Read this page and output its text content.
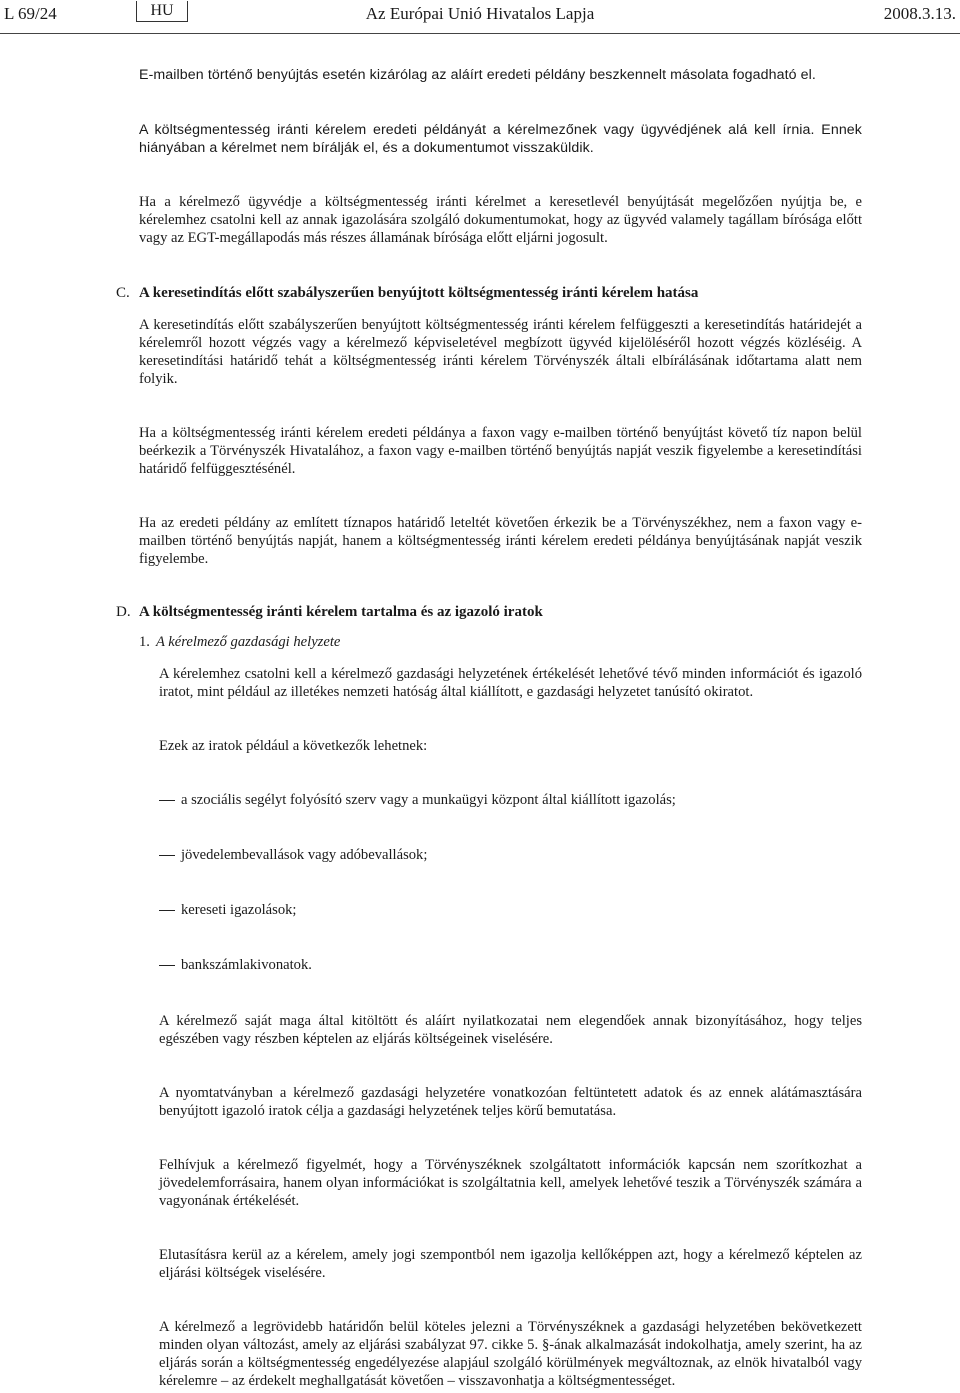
L 69/24	HU	Az Európai Unió Hivatalos Lapja	2008.3.13.

E-mailben történő benyújtás esetén kizárólag az aláírt eredeti példány beszkennelt másolata fogadható el.

A költségmentesség iránti kérelem eredeti példányát a kérelmezőnek vagy ügyvédjének alá kell írnia. Ennek hiányában a kérelmet nem bírálják el, és a dokumentumot visszaküldik.

Ha a kérelmező ügyvédje a költségmentesség iránti kérelmet a keresetlevél benyújtását megelőzően nyújtja be, e kérelemhez csatolni kell az annak igazolására szolgáló dokumentumokat, hogy az ügyvéd valamely tagállam bírósága előtt vagy az EGT-megállapodás más részes államának bírósága előtt eljárni jogosult.

C. A keresetindítás előtt szabályszerűen benyújtott költségmentesség iránti kérelem hatása

A keresetindítás előtt szabályszerűen benyújtott költségmentesség iránti kérelem felfüggeszti a keresetindítás határidejét a kérelemről hozott végzés vagy a kérelmező képviseletével megbízott ügyvéd kijelöléséről hozott végzés közléséig. A keresetindítási határidő tehát a költségmentesség iránti kérelem Törvényszék általi elbírálásának időtartama alatt nem folyik.

Ha a költségmentesség iránti kérelem eredeti példánya a faxon vagy e-mailben történő benyújtást követő tíz napon belül beérkezik a Törvényszék Hivatalához, a faxon vagy e-mailben történő benyújtás napját veszik figyelembe a keresetindítási határidő felfüggesztésénél.

Ha az eredeti példány az említett tíznapos határidő leteltét követően érkezik be a Törvényszékhez, nem a faxon vagy e-mailben történő benyújtás napját, hanem a költségmentesség iránti kérelem eredeti példánya benyújtásának napját veszik figyelembe.

D. A költségmentesség iránti kérelem tartalma és az igazoló iratok

1. A kérelmező gazdasági helyzete

A kérelemhez csatolni kell a kérelmező gazdasági helyzetének értékelését lehetővé tévő minden információt és igazoló iratot, mint például az illetékes nemzeti hatóság által kiállított, e gazdasági helyzetet tanúsító okiratot.

Ezek az iratok például a következők lehetnek:

a szociális segélyt folyósító szerv vagy a munkaügyi központ által kiállított igazolás;

jövedelembevallások vagy adóbevallások;

kereseti igazolások;

bankszámlakivonatok.

A kérelmező saját maga által kitöltött és aláírt nyilatkozatai nem elegendőek annak bizonyításához, hogy teljes egészében vagy részben képtelen az eljárás költségeinek viselésére.

A nyomtatványban a kérelmező gazdasági helyzetére vonatkozóan feltüntetett adatok és az ennek alátámasztására benyújtott igazoló iratok célja a gazdasági helyzetének teljes körű bemutatása.

Felhívjuk a kérelmező figyelmét, hogy a Törvényszéknek szolgáltatott információk kapcsán nem szorítkozhat a jövedelemforrásaira, hanem olyan információkat is szolgáltatnia kell, amelyek lehetővé teszik a Törvényszék számára a vagyonának értékelését.

Elutasításra kerül az a kérelem, amely jogi szempontból nem igazolja kellőképpen azt, hogy a kérelmező képtelen az eljárási költségek viselésére.

A kérelmező a legrövidebb határidőn belül köteles jelezni a Törvényszéknek a gazdasági helyzetében bekövetkezett minden olyan változást, amely az eljárási szabályzat 97. cikke 5. §-ának alkalmazását indokolhatja, amely szerint, ha az eljárás során a költségmentesség engedélyezése alapjául szolgáló körülmények megváltoznak, az elnök hivatalból vagy kérelemre – az érdekelt meghallgatását követően – visszavonhatja a költségmentességet.
